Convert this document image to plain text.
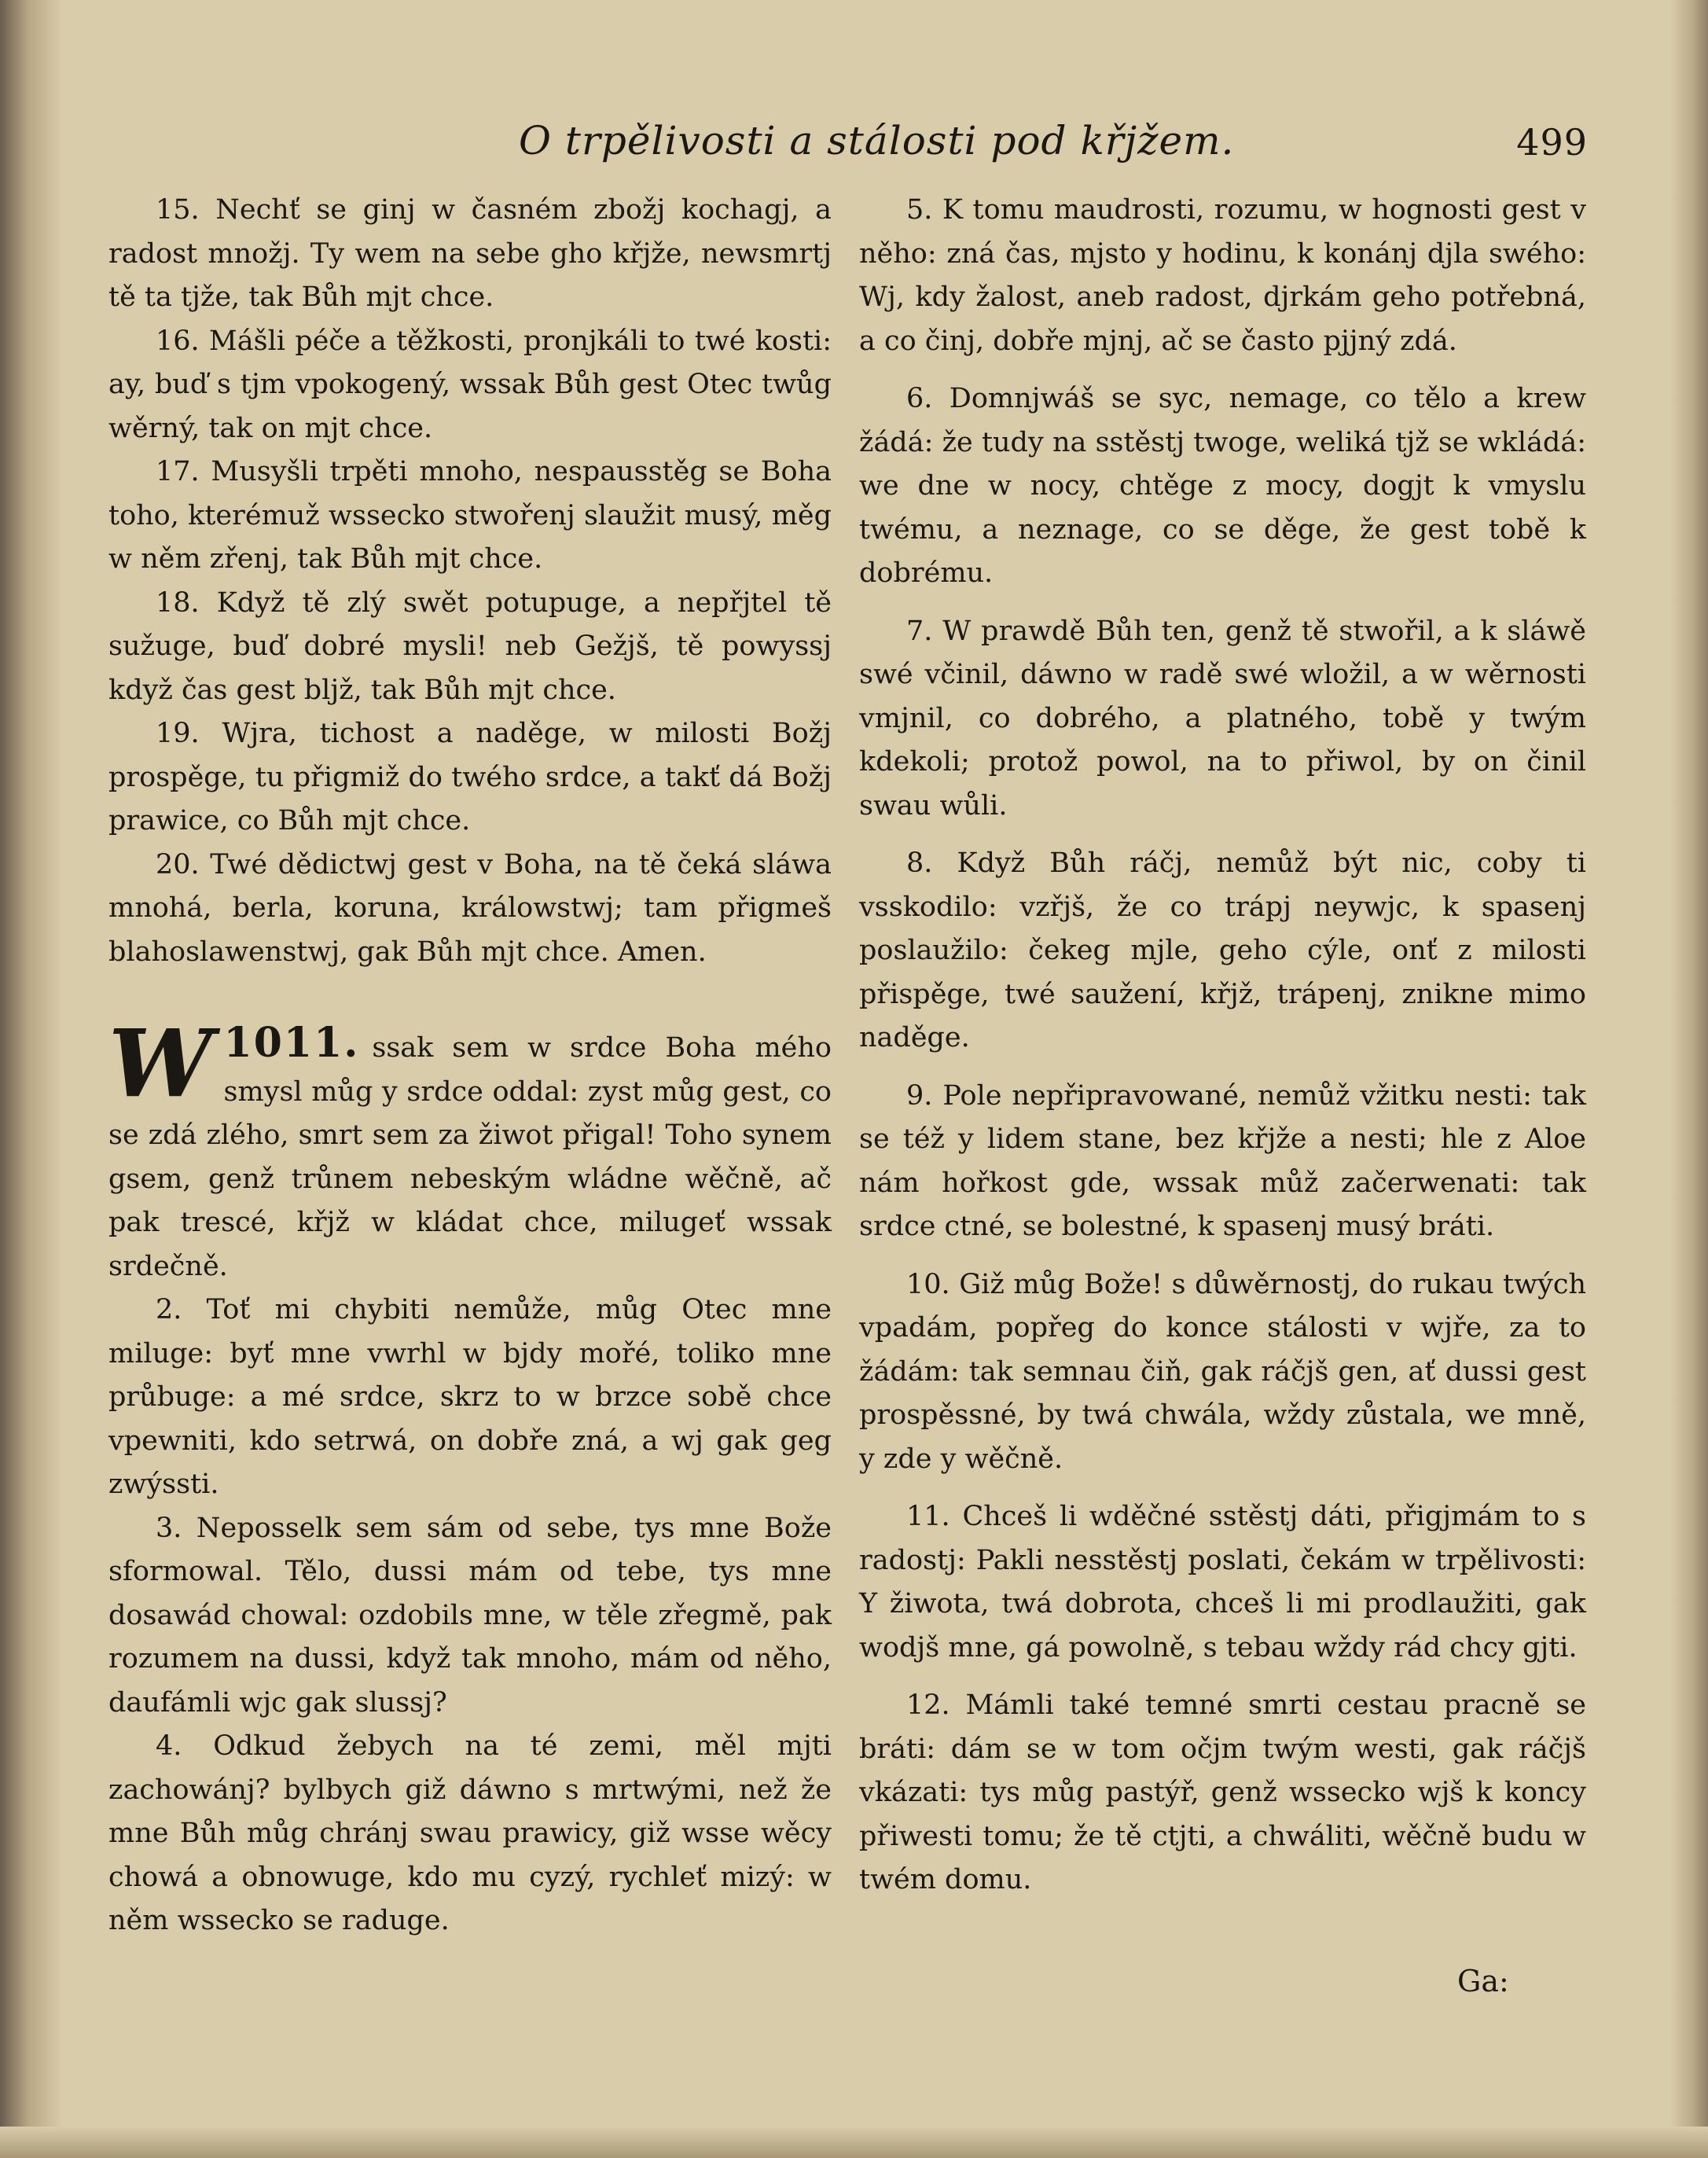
O trpělivosti a stálosti pod křjžem.	499

15. Nechť se ginj w časném zbožj kochagj, a radost množj. Ty wem na sebe gho křjže, newsmrtj tě ta tjže, tak Bůh mjt chce.

16. Mášli péče a těžkosti, pronjkáli to twé kosti: ay, buď s tjm vpokogený, wssak Bůh gest Otec twůg wěrný, tak on mjt chce.

17. Musyšli trpěti mnoho, nespausstěg se Boha toho, kterémuž wssecko stwořenj slaužit musý, měg w něm zřenj, tak Bůh mjt chce.

18. Když tě zlý swět potupuge, a nepřjtel tě sužuge, buď dobré mysli! neb Gežjš, tě powyssj když čas gest bljž, tak Bůh mjt chce.

19. Wjra, tichost a naděge, w milosti Božj prospěge, tu přigmiž do twého srdce, a takť dá Božj prawice, co Bůh mjt chce.

20. Twé dědictwj gest v Boha, na tě čeká sláwa mnohá, berla, koruna, králowstwj; tam přigmeš blahoslawenstwj, gak Bůh mjt chce. Amen.

1011.
W	ssak sem w srdce Boha mého smysl můg y srdce oddal: zyst můg gest, co se zdá zlého, smrt sem za žiwot přigal! Toho synem gsem, genž trůnem nebeským wládne wěčně, ač pak trescé, křjž w kládat chce, milugeť wssak srdečně.

2. Toť mi chybiti nemůže, můg Otec mne miluge: byť mne vwrhl w bjdy mořé, toliko mne průbuge: a mé srdce, skrz to w brzce sobě chce vpewniti, kdo setrwá, on dobře zná, a wj gak geg zwýssti.

3. Neposselk sem sám od sebe, tys mne Bože sformowal. Tělo, dussi mám od tebe, tys mne dosawád chowal: ozdobils mne, w těle zřegmě, pak rozumem na dussi, když tak mnoho, mám od něho, daufámli wjc gak slussj?

4. Odkud žebych na té zemi, měl mjti zachowánj? bylbych giž dáwno s mrtwými, než že mne Bůh můg chránj swau prawicy, giž wsse wěcy chowá a obnowuge, kdo mu cyzý, rychleť mizý: w něm wssecko se raduge.

5. K tomu maudrosti, rozumu, w hognosti gest v něho: zná čas, mjsto y hodinu, k konánj djla swého: Wj, kdy žalost, aneb radost, djrkám geho potřebná, a co činj, dobře mjnj, ač se často pjjný zdá.

6. Domnjwáš se syc, nemage, co tělo a krew žádá: že tudy na sstěstj twoge, weliká tjž se wkládá: we dne w nocy, chtěge z mocy, dogjt k vmyslu twému, a neznage, co se děge, že gest tobě k dobrému.

7. W prawdě Bůh ten, genž tě stwořil, a k sláwě swé včinil, dáwno w radě swé wložil, a w wěrnosti vmjnil, co dobrého, a platného, tobě y twým kdekoli; protož powol, na to přiwol, by on činil swau wůli.

8. Když Bůh ráčj, nemůž být nic, coby ti vsskodilo: vzřjš, že co trápj neywjc, k spasenj poslaužilo: čekeg mjle, geho cýle, onť z milosti přispěge, twé saužení, křjž, trápenj, znikne mimo naděge.

9. Pole nepřipravowané, nemůž vžitku nesti: tak se též y lidem stane, bez křjže a nesti; hle z Aloe nám hořkost gde, wssak můž začerwenati: tak srdce ctné, se bolestné, k spasenj musý bráti.

10. Giž můg Bože! s důwěrnostj, do rukau twých vpadám, popřeg do konce stálosti v wjře, za to žádám: tak semnau čiň, gak ráčjš gen, ať dussi gest prospěssné, by twá chwála, wždy zůstala, we mně, y zde y wěčně.

11. Chceš li wděčné sstěstj dáti, přigjmám to s radostj: Pakli nesstěstj poslati, čekám w trpělivosti: Y žiwota, twá dobrota, chceš li mi prodlaužiti, gak wodjš mne, gá powolně, s tebau wždy rád chcy gjti.

12. Mámli také temné smrti cestau pracně se bráti: dám se w tom očjm twým westi, gak ráčjš vkázati: tys můg pastýř, genž wssecko wjš k koncy přiwesti tomu; že tě ctjti, a chwáliti, wěčně budu w twém domu.

Ga:
